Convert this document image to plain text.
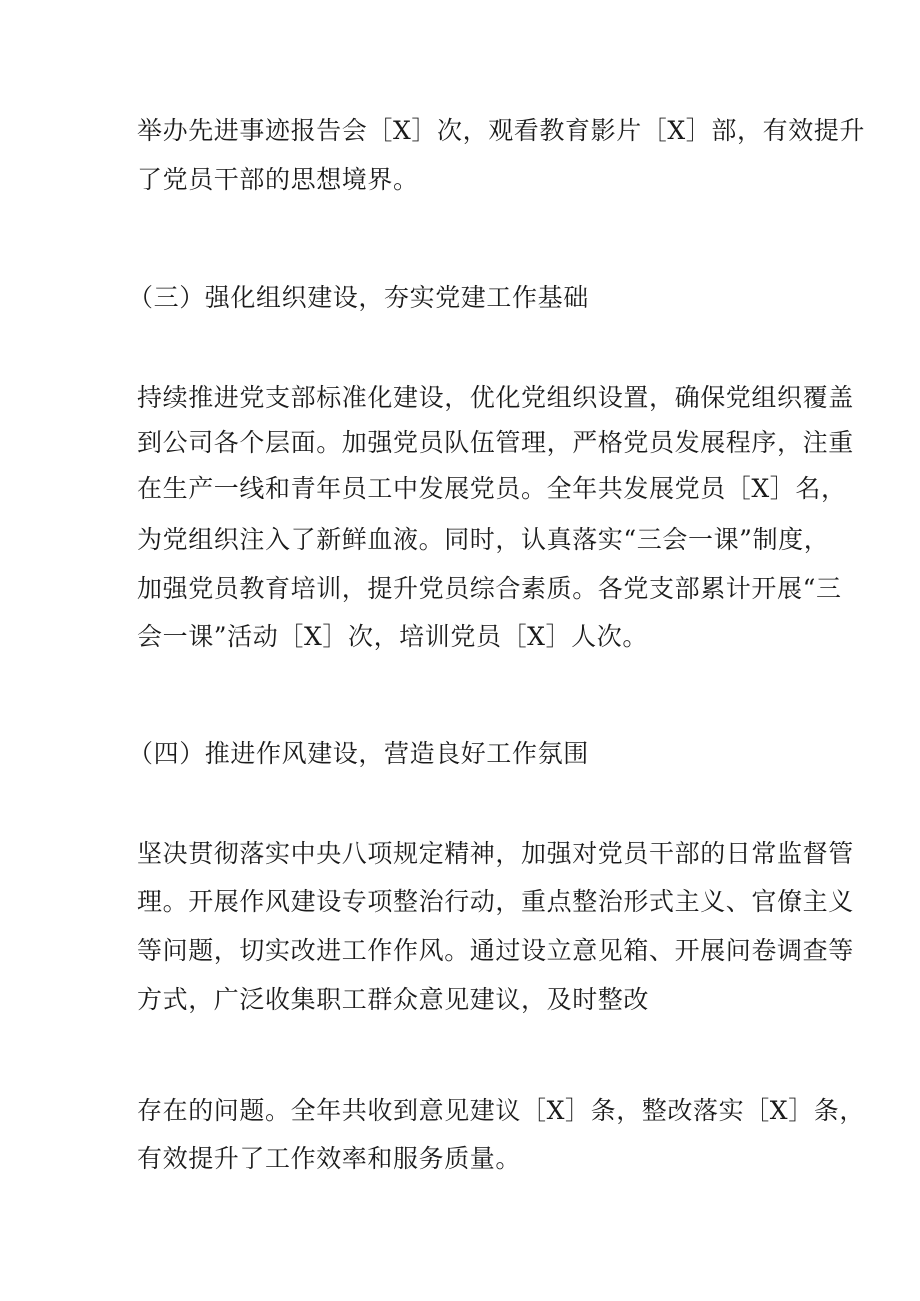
举办先进事迹报告会［X］次，观看教育影片［X］部，有效提升

了党员干部的思想境界。

（三）强化组织建设，夯实党建工作基础

持续推进党支部标准化建设，优化党组织设置，确保党组织覆盖

到公司各个层面。加强党员队伍管理，严格党员发展程序，注重

在生产一线和青年员工中发展党员。全年共发展党员［X］名，

为党组织注入了新鲜血液。同时，认真落实“三会一课”制度，

加强党员教育培训，提升党员综合素质。各党支部累计开展“三

会一课”活动［X］次，培训党员［X］人次。

（四）推进作风建设，营造良好工作氛围

坚决贯彻落实中央八项规定精神，加强对党员干部的日常监督管

理。开展作风建设专项整治行动，重点整治形式主义、官僚主义

等问题，切实改进工作作风。通过设立意见箱、开展问卷调查等

方式，广泛收集职工群众意见建议，及时整改

存在的问题。全年共收到意见建议［X］条，整改落实［X］条，

有效提升了工作效率和服务质量。
